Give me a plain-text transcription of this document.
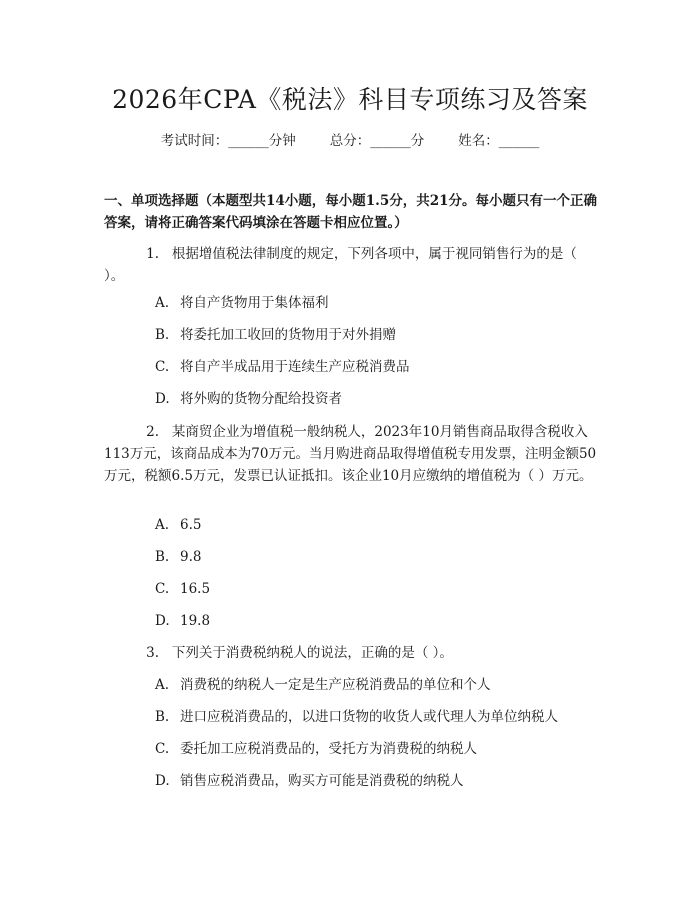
2026年CPA《税法》科目专项练习及答案
考试时间：______分钟	总分：______分	姓名：______
一、单项选择题（本题型共14小题，每小题1.5分，共21分。每小题只有一个正确答案，请将正确答案代码填涂在答题卡相应位置。）
1. 根据增值税法律制度的规定，下列各项中，属于视同销售行为的是（ ）。
A. 将自产货物用于集体福利
B. 将委托加工收回的货物用于对外捐赠
C. 将自产半成品用于连续生产应税消费品
D. 将外购的货物分配给投资者
2. 某商贸企业为增值税一般纳税人，2023年10月销售商品取得含税收入113万元，该商品成本为70万元。当月购进商品取得增值税专用发票，注明金额50万元，税额6.5万元，发票已认证抵扣。该企业10月应缴纳的增值税为（ ）万元。
A. 6.5
B. 9.8
C. 16.5
D. 19.8
3. 下列关于消费税纳税人的说法，正确的是（ ）。
A. 消费税的纳税人一定是生产应税消费品的单位和个人
B. 进口应税消费品的，以进口货物的收货人或代理人为单位纳税人
C. 委托加工应税消费品的，受托方为消费税的纳税人
D. 销售应税消费品，购买方可能是消费税的纳税人
